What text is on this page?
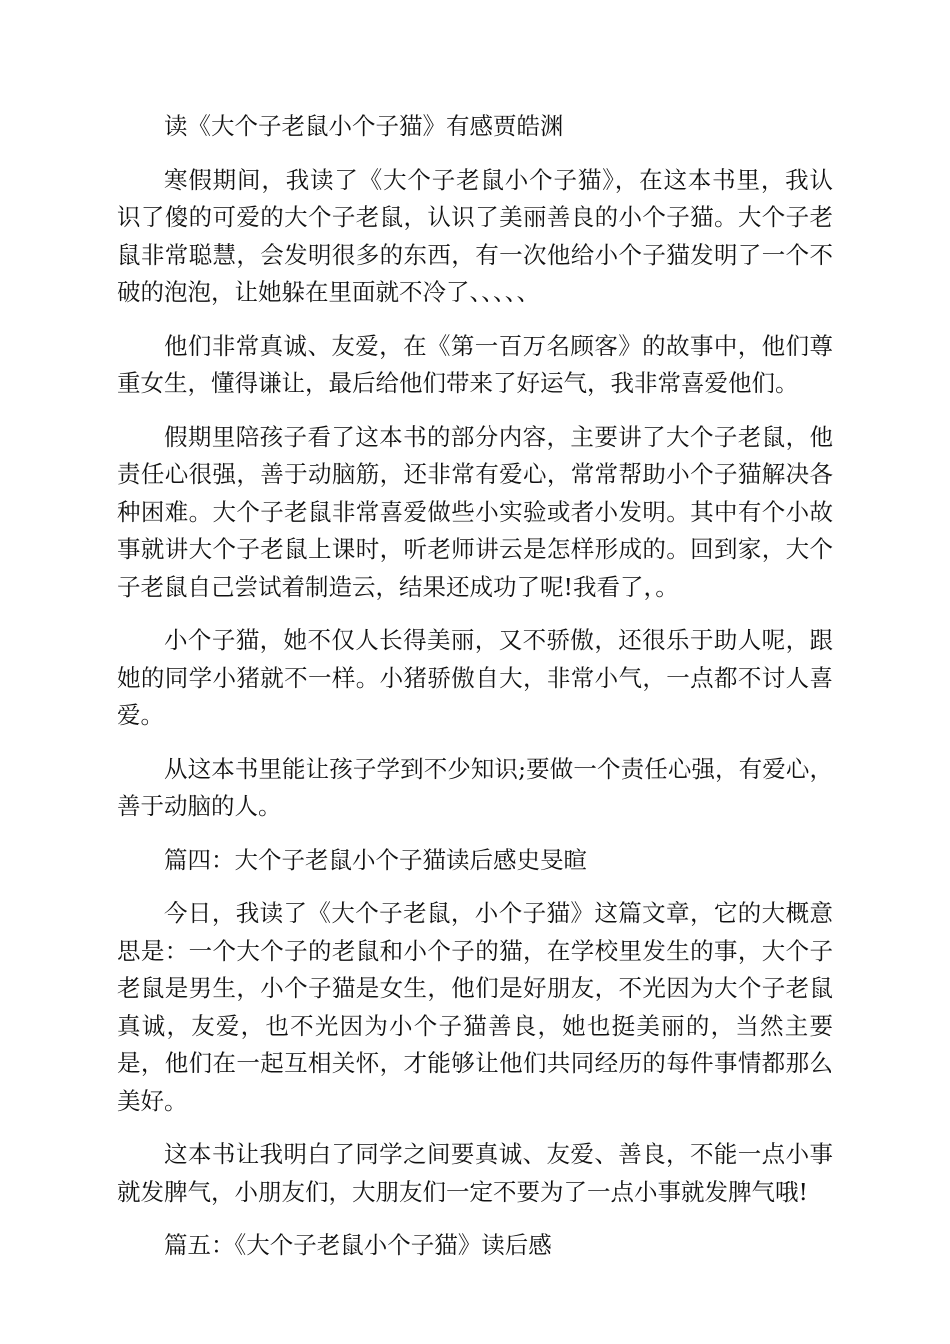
读《大个子老鼠小个子猫》有感贾皓渊

寒假期间，我读了《大个子老鼠小个子猫》，在这本书里，我认识了傻的可爱的大个子老鼠，认识了美丽善良的小个子猫。大个子老鼠非常聪慧，会发明很多的东西，有一次他给小个子猫发明了一个不破的泡泡，让她躲在里面就不冷了、、、、、

他们非常真诚、友爱，在《第一百万名顾客》的故事中，他们尊重女生，懂得谦让，最后给他们带来了好运气，我非常喜爱他们。

假期里陪孩子看了这本书的部分内容，主要讲了大个子老鼠，他责任心很强，善于动脑筋，还非常有爱心，常常帮助小个子猫解决各种困难。大个子老鼠非常喜爱做些小实验或者小发明。其中有个小故事就讲大个子老鼠上课时，听老师讲云是怎样形成的。回到家，大个子老鼠自己尝试着制造云，结果还成功了呢!我看了，。

小个子猫，她不仅人长得美丽，又不骄傲，还很乐于助人呢，跟她的同学小猪就不一样。小猪骄傲自大，非常小气，一点都不讨人喜爱。

从这本书里能让孩子学到不少知识;要做一个责任心强，有爱心，善于动脑的人。

篇四：大个子老鼠小个子猫读后感史旻暄

今日，我读了《大个子老鼠，小个子猫》这篇文章，它的大概意思是：一个大个子的老鼠和小个子的猫，在学校里发生的事，大个子老鼠是男生，小个子猫是女生，他们是好朋友，不光因为大个子老鼠真诚，友爱，也不光因为小个子猫善良，她也挺美丽的，当然主要是，他们在一起互相关怀，才能够让他们共同经历的每件事情都那么美好。

这本书让我明白了同学之间要真诚、友爱、善良，不能一点小事就发脾气，小朋友们，大朋友们一定不要为了一点小事就发脾气哦!

篇五：《大个子老鼠小个子猫》读后感
